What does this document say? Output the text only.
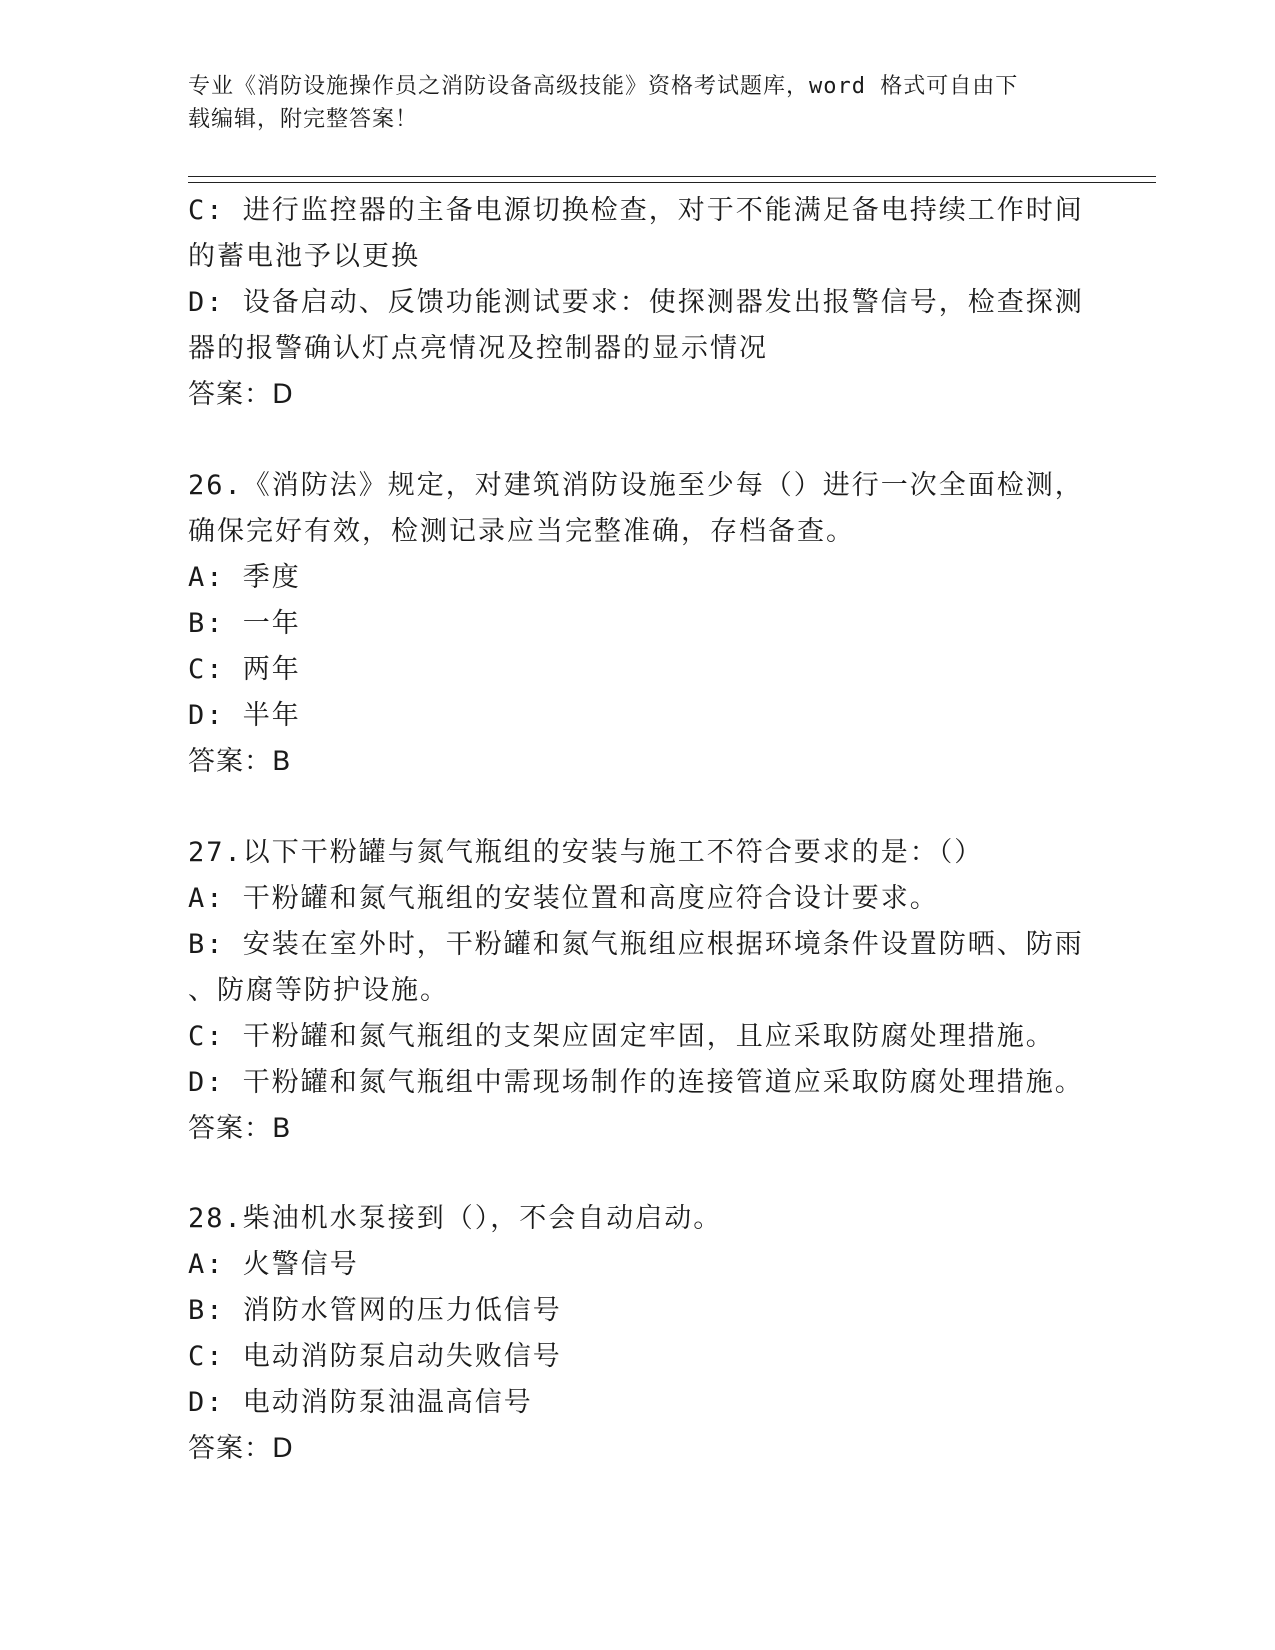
专业《消防设施操作员之消防设备高级技能》资格考试题库，word 格式可自由下
载编辑，附完整答案！
C: 进行监控器的主备电源切换检查，对于不能满足备电持续工作时间
的蓄电池予以更换
D: 设备启动、反馈功能测试要求：使探测器发出报警信号，检查探测
器的报警确认灯点亮情况及控制器的显示情况
答案：D
26.《消防法》规定，对建筑消防设施至少每（）进行一次全面检测，
确保完好有效，检测记录应当完整准确，存档备查。
A: 季度
B: 一年
C: 两年
D: 半年
答案：B
27.以下干粉罐与氮气瓶组的安装与施工不符合要求的是：（）
A: 干粉罐和氮气瓶组的安装位置和高度应符合设计要求。
B: 安装在室外时，干粉罐和氮气瓶组应根据环境条件设置防晒、防雨
、防腐等防护设施。
C: 干粉罐和氮气瓶组的支架应固定牢固，且应采取防腐处理措施。
D: 干粉罐和氮气瓶组中需现场制作的连接管道应采取防腐处理措施。
答案：B
28.柴油机水泵接到（），不会自动启动。
A: 火警信号
B: 消防水管网的压力低信号
C: 电动消防泵启动失败信号
D: 电动消防泵油温高信号
答案：D
